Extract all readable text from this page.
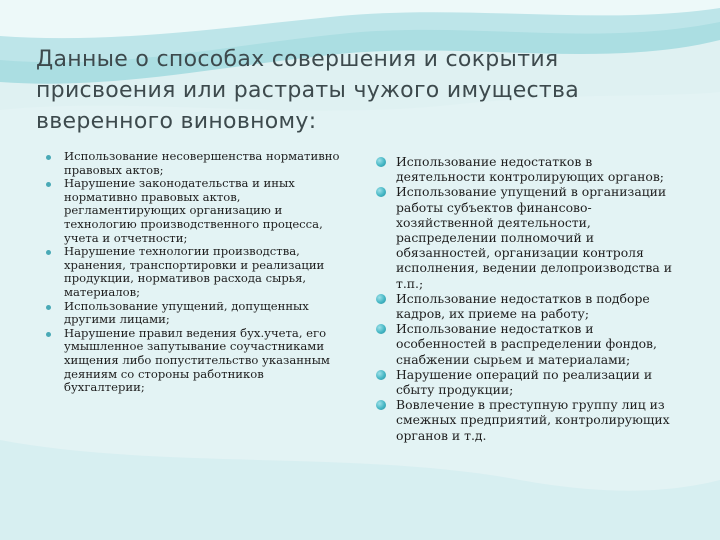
Данные о способах совершения и сокрытия присвоения или растраты чужого имущества вверенного виновному:
Использование несовершенства нормативно правовых актов;
Нарушение законодательства и иных нормативно правовых актов, регламентирующих организацию и технологию производственного процесса, учета и отчетности;
Нарушение технологии производства, хранения, транспортировки и реализации продукции, нормативов расхода сырья, материалов;
Использование упущений, допущенных другими лицами;
Нарушение правил ведения бух.учета, его умышленное запутывание соучастниками хищения либо попустительство указанным деяниям со стороны работников бухгалтерии;
Использование недостатков в деятельности контролирующих органов;
Использование упущений в организации работы субъектов финансово-хозяйственной деятельности, распределении полномочий и обязанностей, организации контроля исполнения, ведении делопроизводства и т.п.;
Использование недостатков в подборе кадров, их приеме на работу;
Использование недостатков и особенностей в распределении фондов, снабжении сырьем и материалами;
Нарушение операций по реализации и сбыту продукции;
Вовлечение в преступную группу лиц из смежных предприятий, контролирующих органов и т.д.
